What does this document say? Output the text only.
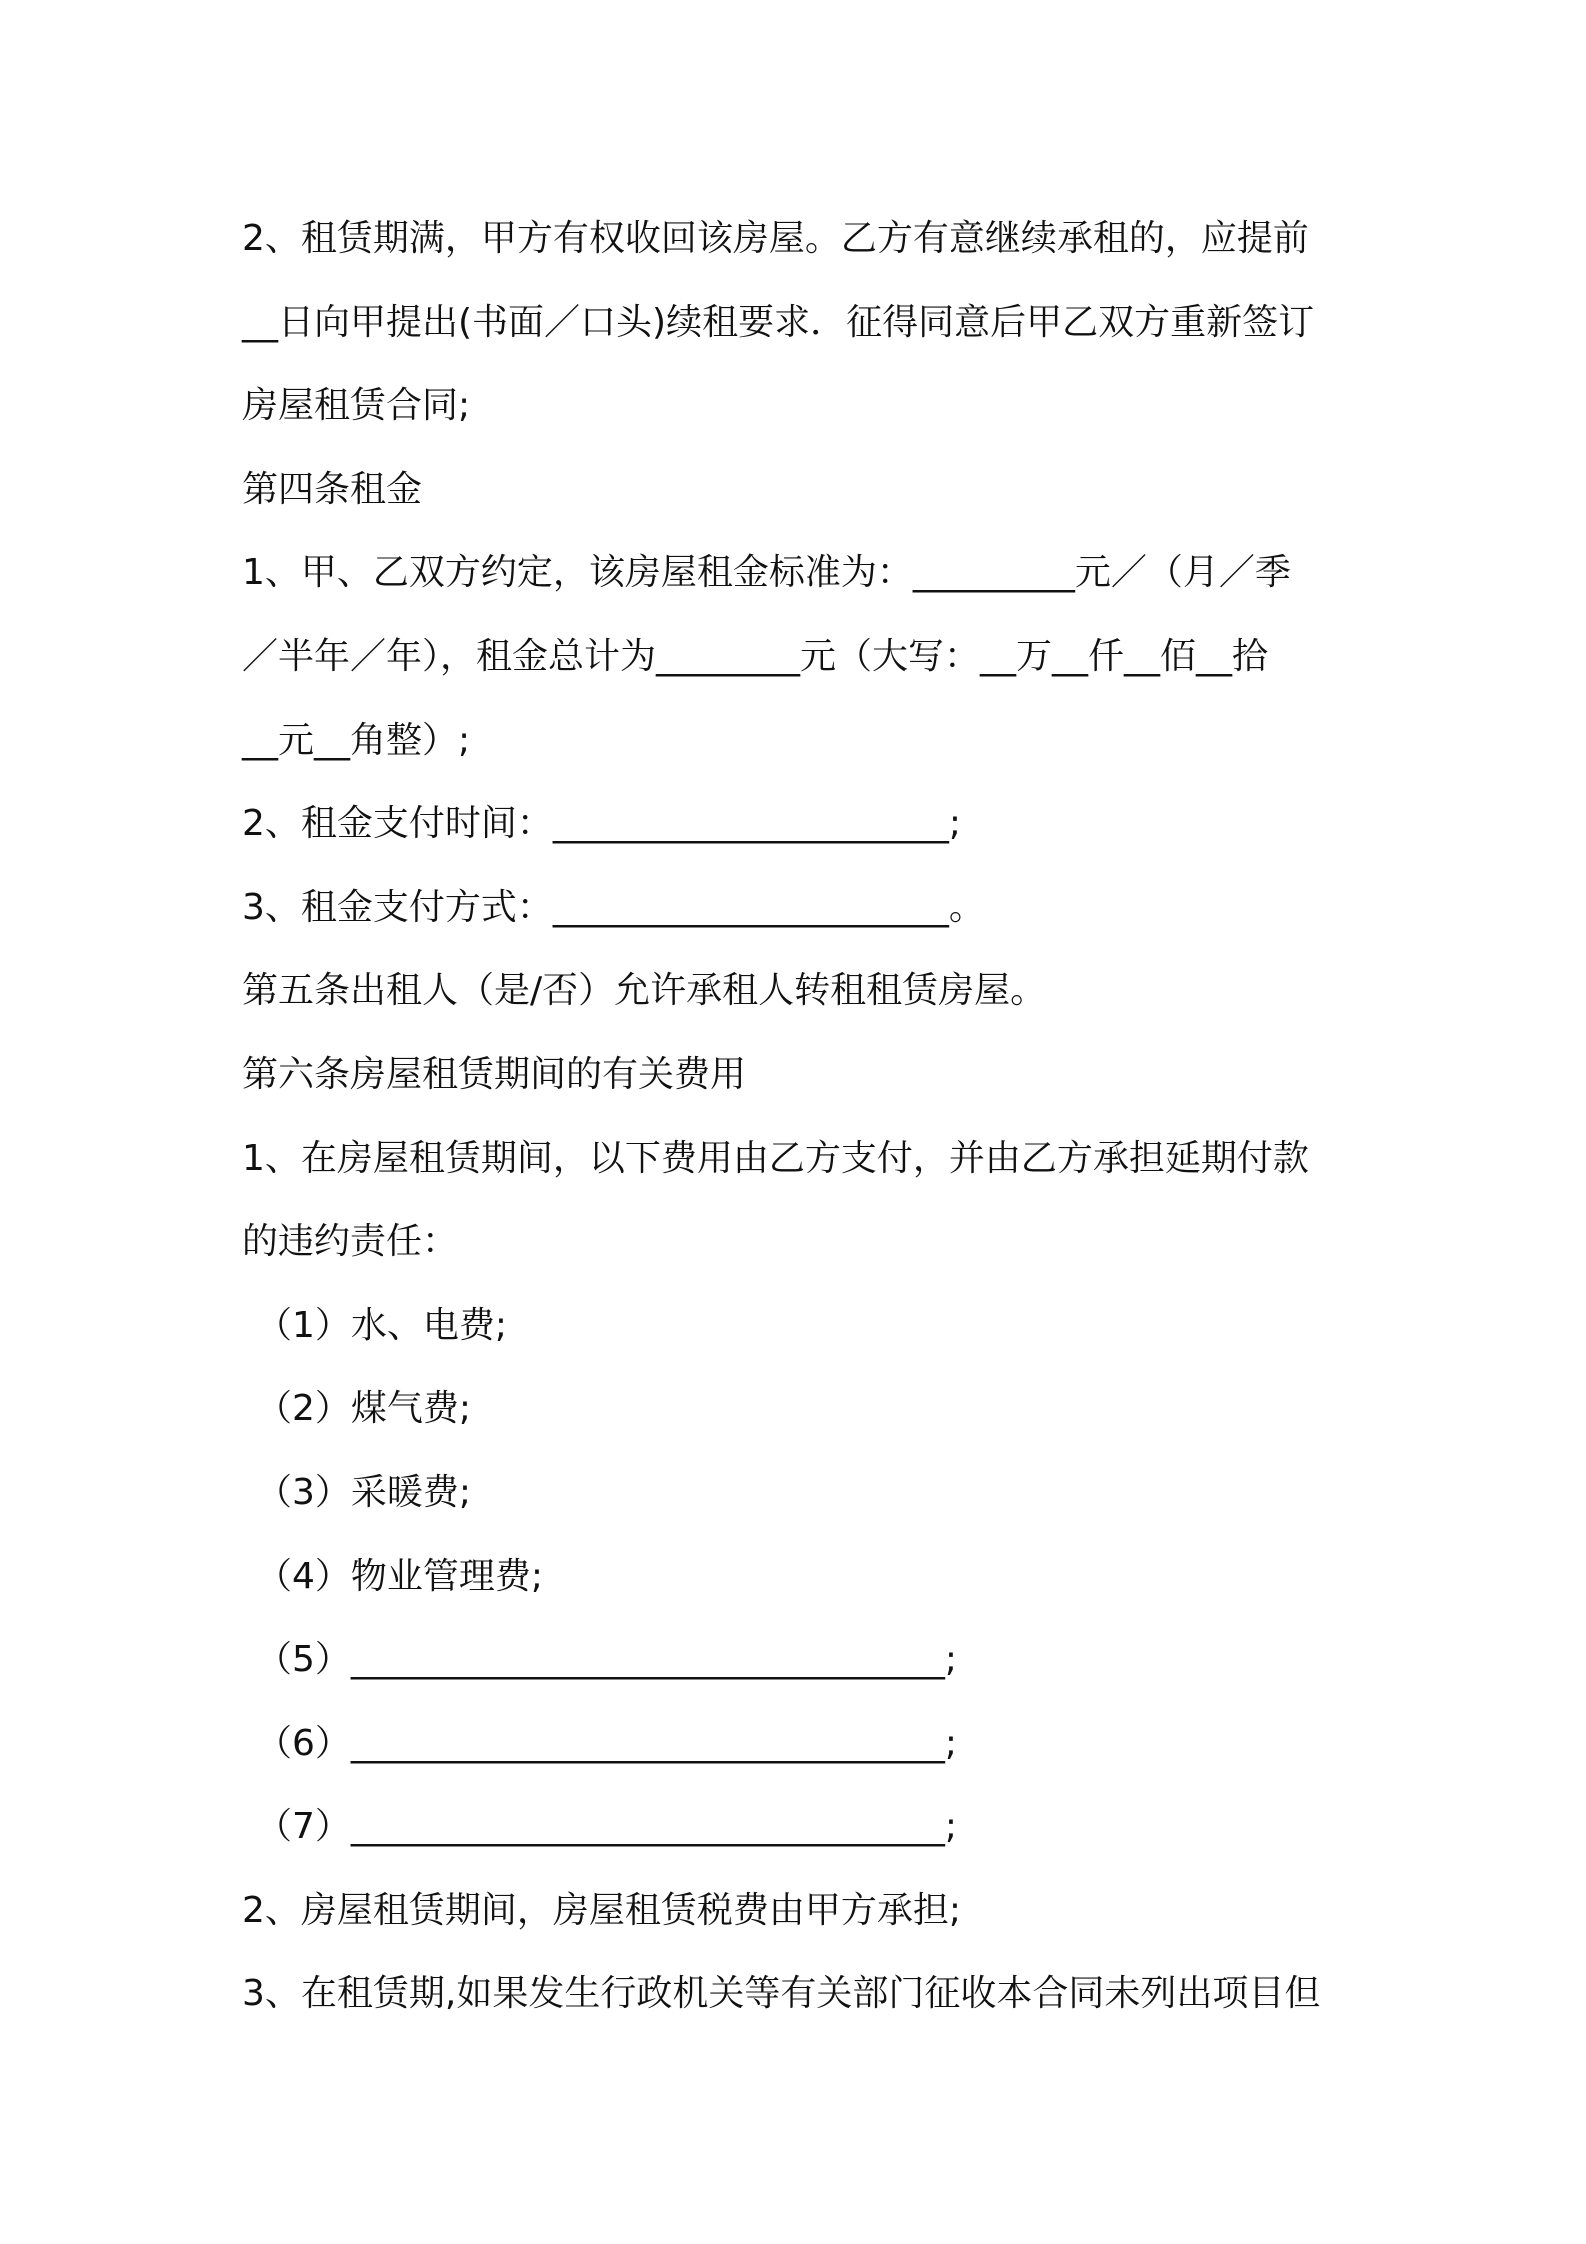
2、租赁期满，甲方有权收回该房屋。乙方有意继续承租的，应提前
__日向甲提出(书面／口头)续租要求．征得同意后甲乙双方重新签订
房屋租赁合同;
第四条租金
1、甲、乙双方约定，该房屋租金标准为：_________元／（月／季
／半年／年），租金总计为________元（大写：__万__仟__佰__拾
__元__角整）;
2、租金支付时间：______________________;
3、租金支付方式：______________________。
第五条出租人（是/否）允许承租人转租租赁房屋。
第六条房屋租赁期间的有关费用
1、在房屋租赁期间，以下费用由乙方支付，并由乙方承担延期付款
的违约责任：
（1）水、电费;
（2）煤气费;
（3）采暖费;
（4）物业管理费;
（5）_________________________________;
（6）_________________________________;
（7）_________________________________;
2、房屋租赁期间，房屋租赁税费由甲方承担;
3、在租赁期,如果发生行政机关等有关部门征收本合同未列出项目但
